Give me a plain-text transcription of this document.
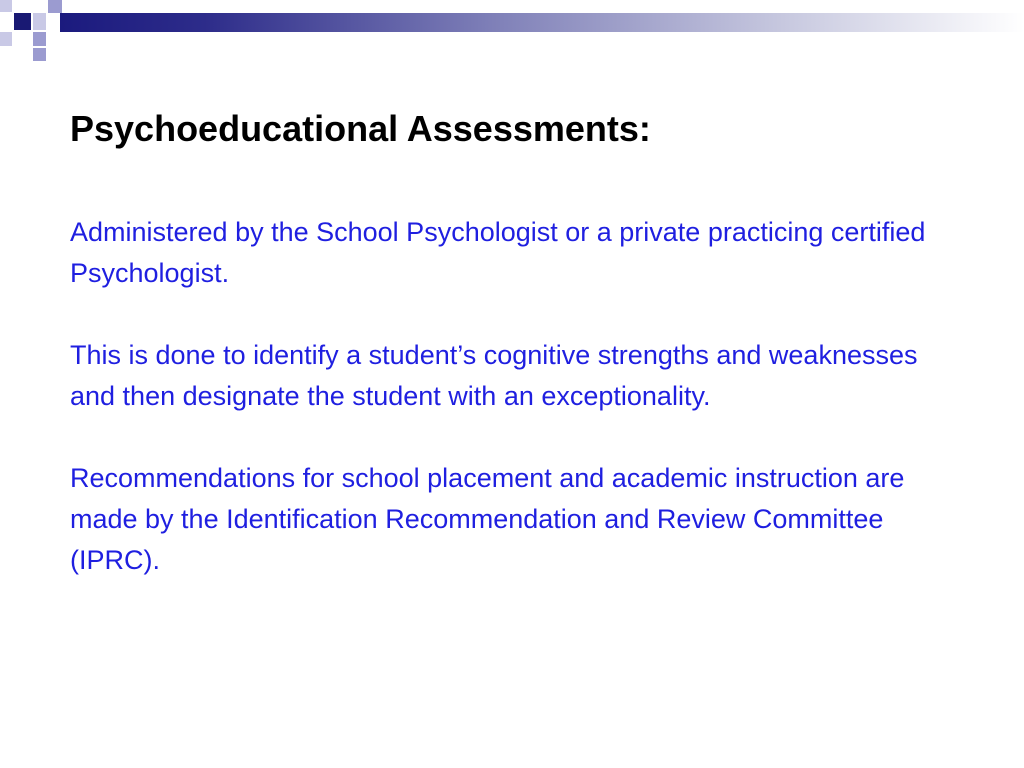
Psychoeducational Assessments:

Administered by the School Psychologist or a private practicing certified Psychologist.

This is done to identify a student’s cognitive strengths and weaknesses and then designate the student with an exceptionality.

Recommendations for school placement and academic instruction are made by the Identification Recommendation and Review Committee (IPRC).
